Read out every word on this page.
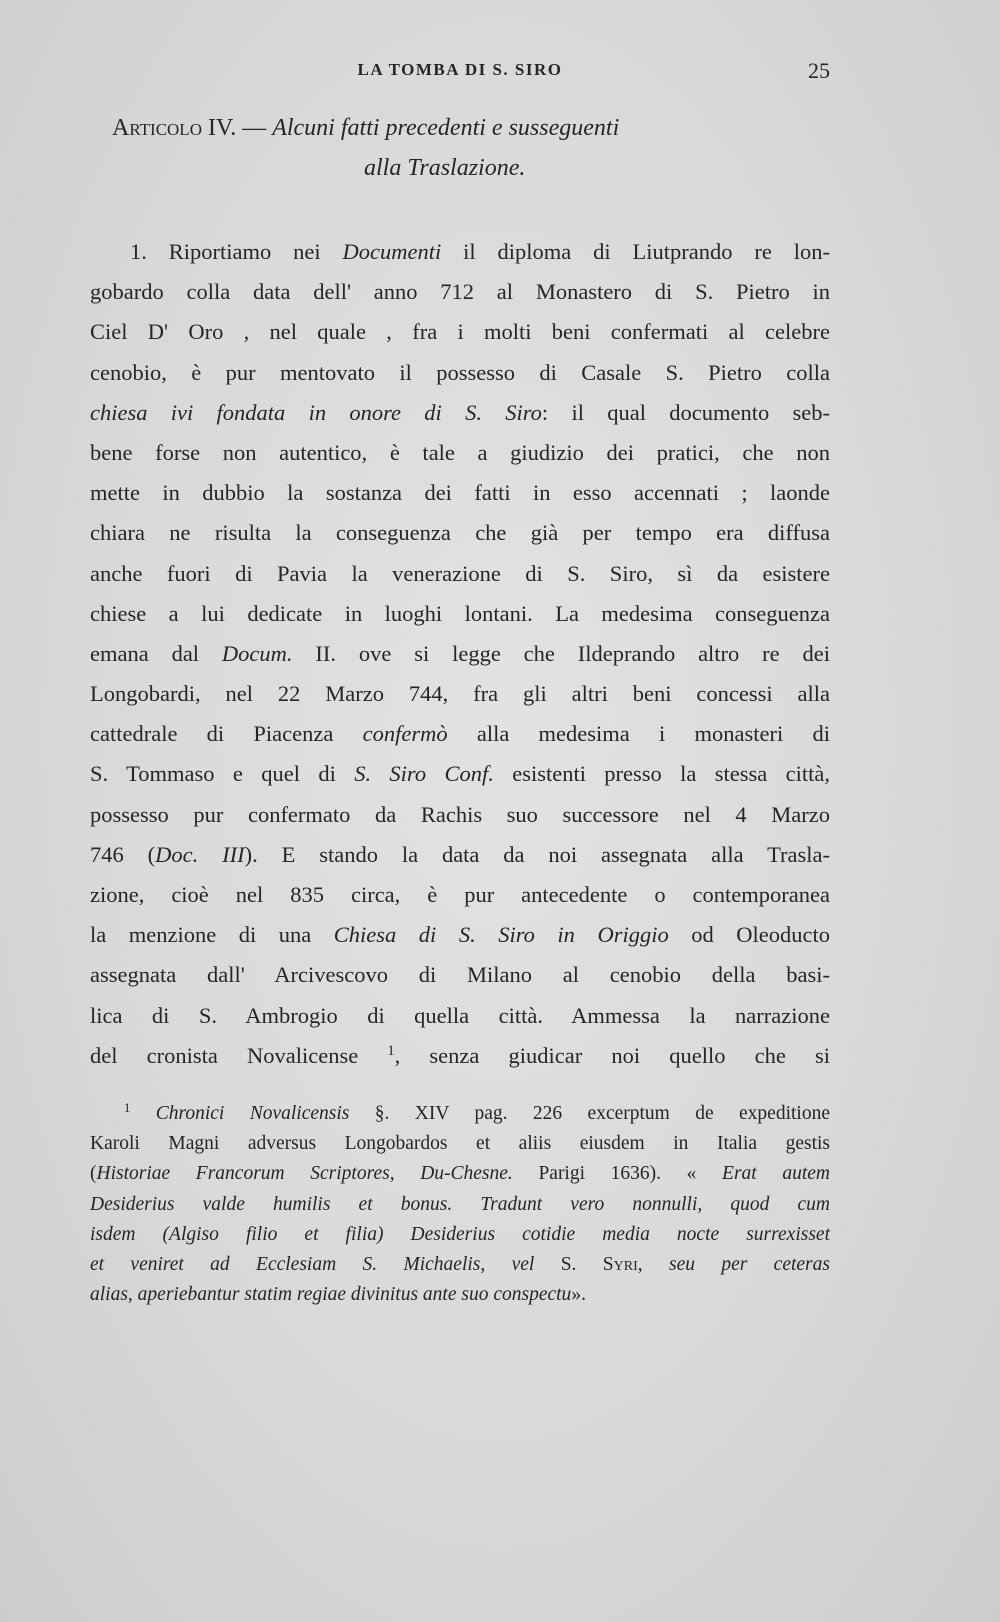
LA TOMBA DI S. SIRO	25
Articolo IV. — Alcuni fatti precedenti e susseguenti
alla Traslazione.
1. Riportiamo nei Documenti il diploma di Liutprando re lon-
gobardo colla data dell' anno 712 al Monastero di S. Pietro in
Ciel D' Oro , nel quale , fra i molti beni confermati al celebre
cenobio, è pur mentovato il possesso di Casale S. Pietro colla
chiesa ivi fondata in onore di S. Siro: il qual documento seb-
bene forse non autentico, è tale a giudizio dei pratici, che non
mette in dubbio la sostanza dei fatti in esso accennati ; laonde
chiara ne risulta la conseguenza che già per tempo era diffusa
anche fuori di Pavia la venerazione di S. Siro, sì da esistere
chiese a lui dedicate in luoghi lontani. La medesima conseguenza
emana dal Docum. II. ove si legge che Ildeprando altro re dei
Longobardi, nel 22 Marzo 744, fra gli altri beni concessi alla
cattedrale di Piacenza confermò alla medesima i monasteri di
S. Tommaso e quel di S. Siro Conf. esistenti presso la stessa città,
possesso pur confermato da Rachis suo successore nel 4 Marzo
746 (Doc. III). E stando la data da noi assegnata alla Trasla-
zione, cioè nel 835 circa, è pur antecedente o contemporanea
la menzione di una Chiesa di S. Siro in Origgio od Oleoducto
assegnata dall' Arcivescovo di Milano al cenobio della basi-
lica di S. Ambrogio di quella città. Ammessa la narrazione
del cronista Novalicense $^1$, senza giudicar noi quello che si
$^1$ Chronici Novalicensis §. XIV pag. 226 excerptum de expeditione
Karoli Magni adversus Longobardos et aliis eiusdem in Italia gestis
(Historiae Francorum Scriptores, Du-Chesne. Parigi 1636). « Erat autem
Desiderius valde humilis et bonus. Tradunt vero nonnulli, quod cum
isdem (Algiso filio et filia) Desiderius cotidie media nocte surrexisset
et veniret ad Ecclesiam S. Michaelis, vel S. Syri, seu per ceteras
alias, aperiebantur statim regiae divinitus ante suo conspectu».
